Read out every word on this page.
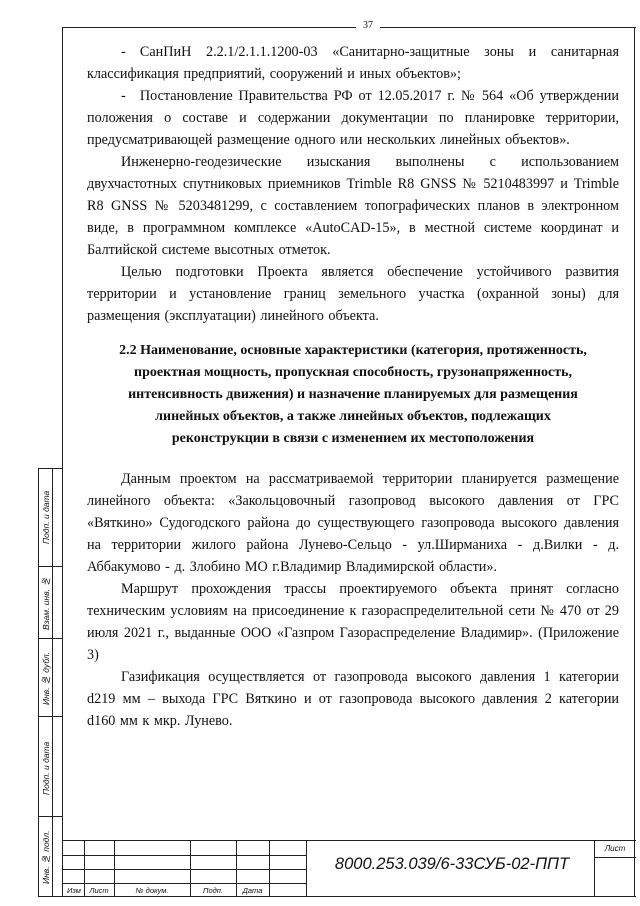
37

- СанПиН 2.2.1/2.1.1.1200-03 «Санитарно-защитные зоны и санитарная классификация предприятий, сооружений и иных объектов»;

- Постановление Правительства РФ от 12.05.2017 г. № 564 «Об утверждении положения о составе и содержании документации по планировке территории, предусматривающей размещение одного или нескольких линейных объектов».

Инженерно-геодезические изыскания выполнены с использованием двухчастотных спутниковых приемников Trimble R8 GNSS № 5210483997 и Trimble R8 GNSS № 5203481299, с составлением топографических планов в электронном виде, в программном комплексе «AutoCAD-15», в местной системе координат и Балтийской системе высотных отметок.

Целью подготовки Проекта является обеспечение устойчивого развития территории и установление границ земельного участка (охранной зоны) для размещения (эксплуатации) линейного объекта.

2.2 Наименование, основные характеристики (категория, протяженность, проектная мощность, пропускная способность, грузонапряженность, интенсивность движения) и назначение планируемых для размещения линейных объектов, а также линейных объектов, подлежащих реконструкции в связи с изменением их местоположения

Данным проектом на рассматриваемой территории планируется размещение линейного объекта: «Закольцовочный газопровод высокого давления от ГРС «Вяткино» Судогодского района до существующего газопровода высокого давления на территории жилого района Лунево-Сельцо - ул.Ширманиха - д.Вилки - д. Аббакумово - д. Злобино МО г.Владимир Владимирской области».

Маршрут прохождения трассы проектируемого объекта принят согласно техническим условиям на присоединение к газораспределительной сети № 470 от 29 июля 2021 г., выданные ООО «Газпром Газораспределение Владимир». (Приложение 3)

Газификация осуществляется от газопровода высокого давления 1 категории d219 мм – выхода ГРС Вяткино и от газопровода высокого давления 2 категории d160 мм к мкр. Лунево.

Подп. и дата
Взам. инв. №
Инв. № дубл.
Подп. и дата
Инв. № подл.
Изм	Лист	№ докум.	Подп.	Дата
8000.253.039/6-33СУБ-02-ППТ
Лист
